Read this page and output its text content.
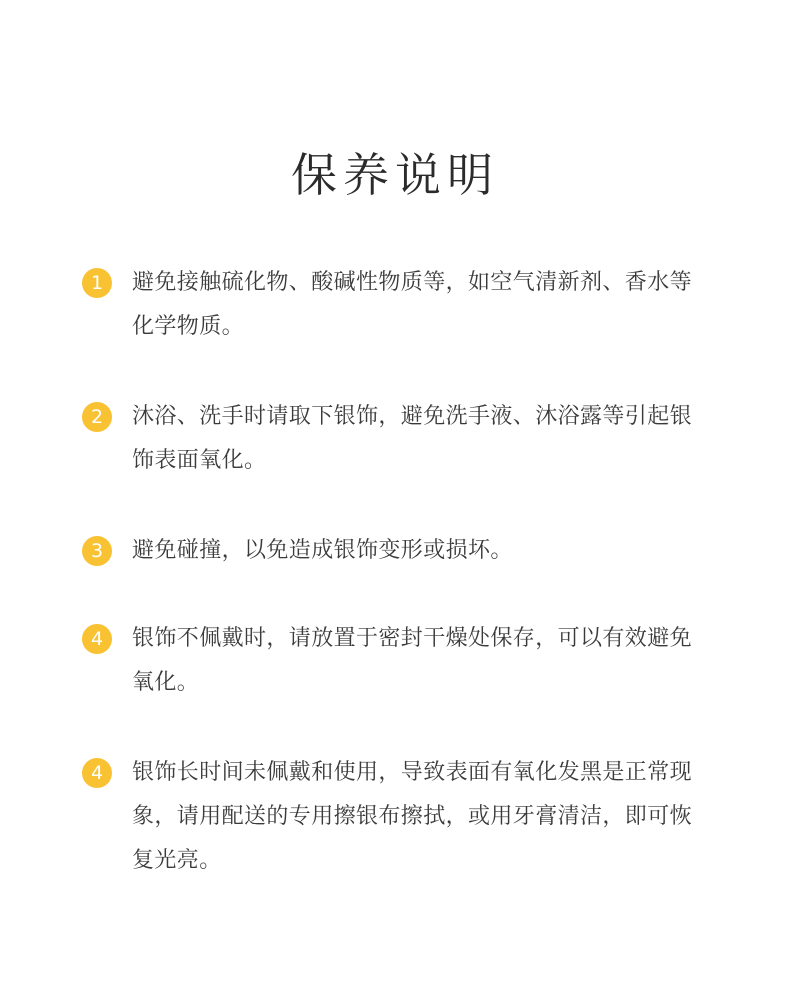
保养说明
1	避免接触硫化物、酸碱性物质等，如空气清新剂、香水等化学物质。
2	沐浴、洗手时请取下银饰，避免洗手液、沐浴露等引起银饰表面氧化。
3	避免碰撞，以免造成银饰变形或损坏。
4	银饰不佩戴时，请放置于密封干燥处保存，可以有效避免氧化。
4	银饰长时间未佩戴和使用，导致表面有氧化发黑是正常现象，请用配送的专用擦银布擦拭，或用牙膏清洁，即可恢复光亮。
